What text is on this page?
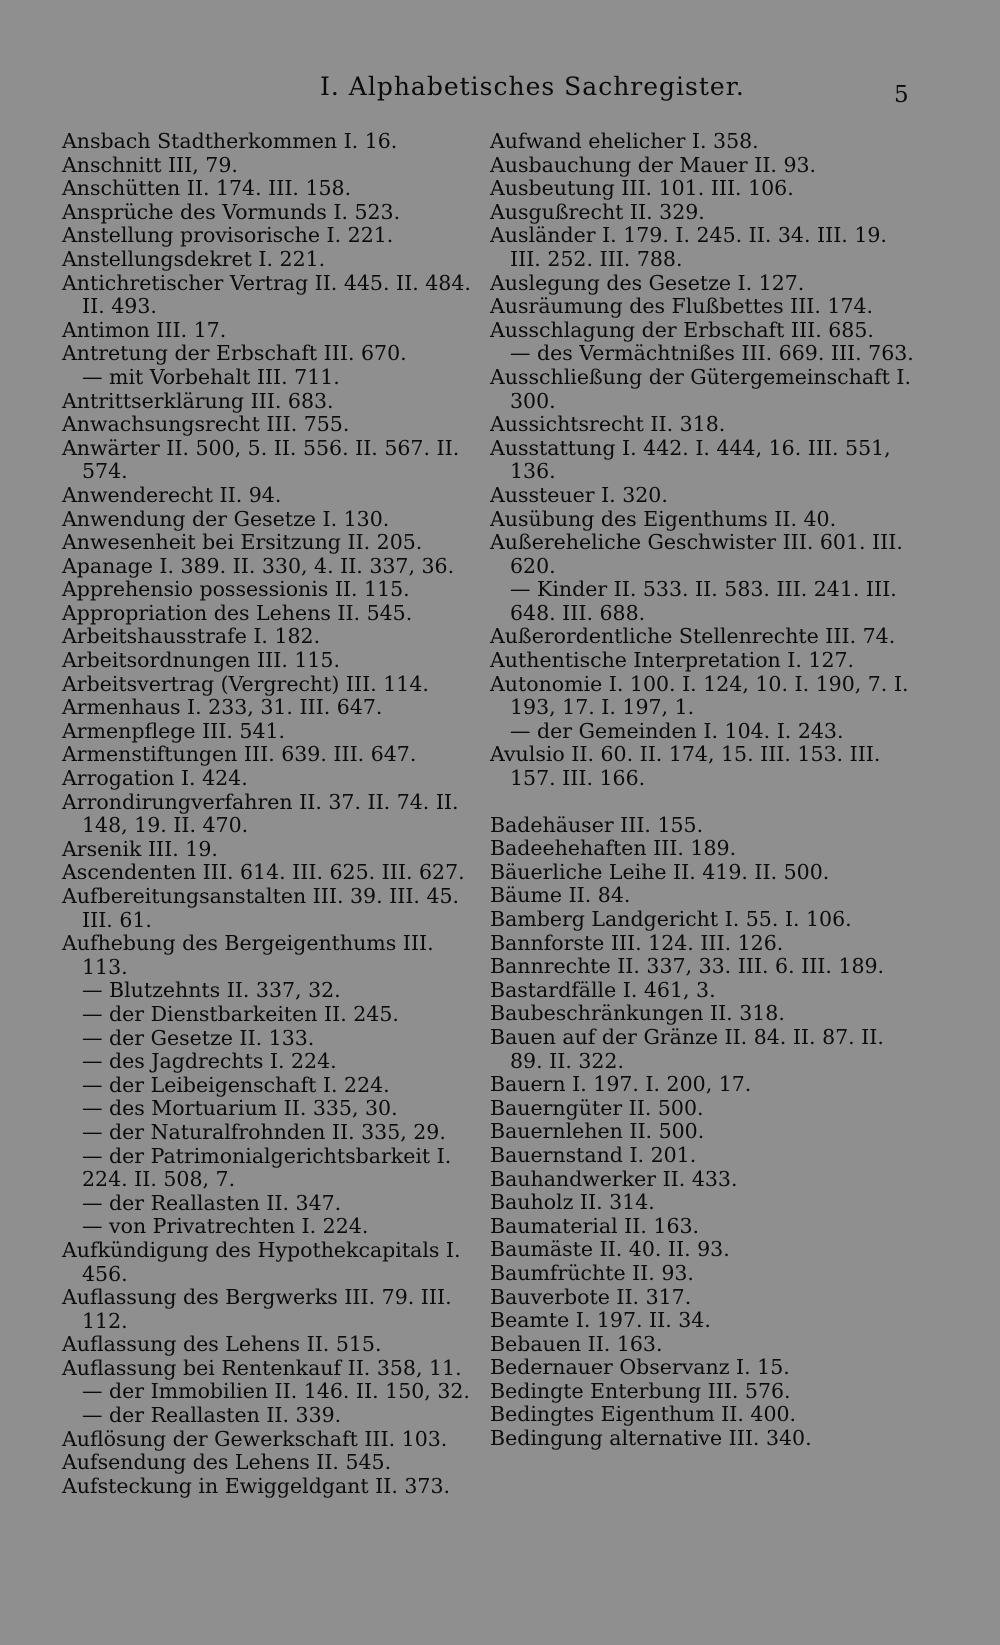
I. Alphabetisches Sachregister.	5
Ansbach Stadtherkommen I. 16.
Anschnitt III, 79.
Anschütten II. 174. III. 158.
Ansprüche des Vormunds I. 523.
Anstellung provisorische I. 221.
Anstellungsdekret I. 221.
Antichretischer Vertrag II. 445. II. 484. II. 493.
Antimon III. 17.
Antretung der Erbschaft III. 670.
— mit Vorbehalt III. 711.
Antrittserklärung III. 683.
Anwachsungsrecht III. 755.
Anwärter II. 500, 5. II. 556. II. 567. II. 574.
Anwenderecht II. 94.
Anwendung der Gesetze I. 130.
Anwesenheit bei Ersitzung II. 205.
Apanage I. 389. II. 330, 4. II. 337, 36.
Apprehensio possessionis II. 115.
Appropriation des Lehens II. 545.
Arbeitshausstrafe I. 182.
Arbeitsordnungen III. 115.
Arbeitsvertrag (Vergrecht) III. 114.
Armenhaus I. 233, 31. III. 647.
Armenpflege III. 541.
Armenstiftungen III. 639. III. 647.
Arrogation I. 424.
Arrondirungverfahren II. 37. II. 74. II. 148, 19. II. 470.
Arsenik III. 19.
Ascendenten III. 614. III. 625. III. 627.
Aufbereitungsanstalten III. 39. III. 45. III. 61.
Aufhebung des Bergeigenthums III. 113.
— Blutzehnts II. 337, 32.
— der Dienstbarkeiten II. 245.
— der Gesetze II. 133.
— des Jagdrechts I. 224.
— der Leibeigenschaft I. 224.
— des Mortuarium II. 335, 30.
— der Naturalfrohnden II. 335, 29.
— der Patrimonialgerichtsbarkeit I. 224. II. 508, 7.
— der Reallasten II. 347.
— von Privatrechten I. 224.
Aufkündigung des Hypothekcapitals I. 456.
Auflassung des Bergwerks III. 79. III. 112.
Auflassung des Lehens II. 515.
Auflassung bei Rentenkauf II. 358, 11.
— der Immobilien II. 146. II. 150, 32.
— der Reallasten II. 339.
Auflösung der Gewerkschaft III. 103.
Aufsendung des Lehens II. 545.
Aufsteckung in Ewiggeldgant II. 373.
Aufwand ehelicher I. 358.
Ausbauchung der Mauer II. 93.
Ausbeutung III. 101. III. 106.
Ausgußrecht II. 329.
Ausländer I. 179. I. 245. II. 34. III. 19. III. 252. III. 788.
Auslegung des Gesetze I. 127.
Ausräumung des Flußbettes III. 174.
Ausschlagung der Erbschaft III. 685.
— des Vermächtnißes III. 669. III. 763.
Ausschließung der Gütergemeinschaft I. 300.
Aussichtsrecht II. 318.
Ausstattung I. 442. I. 444, 16. III. 551, 136.
Aussteuer I. 320.
Ausübung des Eigenthums II. 40.
Außereheliche Geschwister III. 601. III. 620.
— Kinder II. 533. II. 583. III. 241. III. 648. III. 688.
Außerordentliche Stellenrechte III. 74.
Authentische Interpretation I. 127.
Autonomie I. 100. I. 124, 10. I. 190, 7. I. 193, 17. I. 197, 1.
— der Gemeinden I. 104. I. 243.
Avulsio II. 60. II. 174, 15. III. 153. III. 157. III. 166.
Badehäuser III. 155.
Badeehehaften III. 189.
Bäuerliche Leihe II. 419. II. 500.
Bäume II. 84.
Bamberg Landgericht I. 55. I. 106.
Bannforste III. 124. III. 126.
Bannrechte II. 337, 33. III. 6. III. 189.
Bastardfälle I. 461, 3.
Baubeschränkungen II. 318.
Bauen auf der Gränze II. 84. II. 87. II. 89. II. 322.
Bauern I. 197. I. 200, 17.
Bauerngüter II. 500.
Bauernlehen II. 500.
Bauernstand I. 201.
Bauhandwerker II. 433.
Bauholz II. 314.
Baumaterial II. 163.
Baumäste II. 40. II. 93.
Baumfrüchte II. 93.
Bauverbote II. 317.
Beamte I. 197. II. 34.
Bebauen II. 163.
Bedernauer Observanz I. 15.
Bedingte Enterbung III. 576.
Bedingtes Eigenthum II. 400.
Bedingung alternative III. 340.
